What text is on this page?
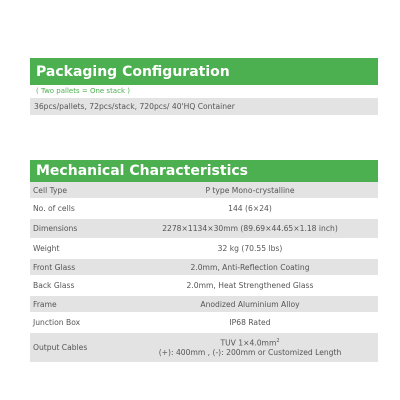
Packaging Configuration
( Two pallets = One stack )
36pcs/pallets, 72pcs/stack, 720pcs/ 40'HQ Container
Mechanical Characteristics
Cell Type	P type Mono-crystalline
No. of cells	144 (6×24)
Dimensions	2278×1134×30mm (89.69×44.65×1.18 inch)
Weight	32 kg (70.55 lbs)
Front Glass	2.0mm, Anti-Reflection Coating
Back Glass	2.0mm, Heat Strengthened Glass
Frame	Anodized Aluminium Alloy
Junction Box	IP68 Rated
Output Cables	TUV $1\times 4.0mm^2$
(+): 400mm , (-): 200mm or Customized Length
